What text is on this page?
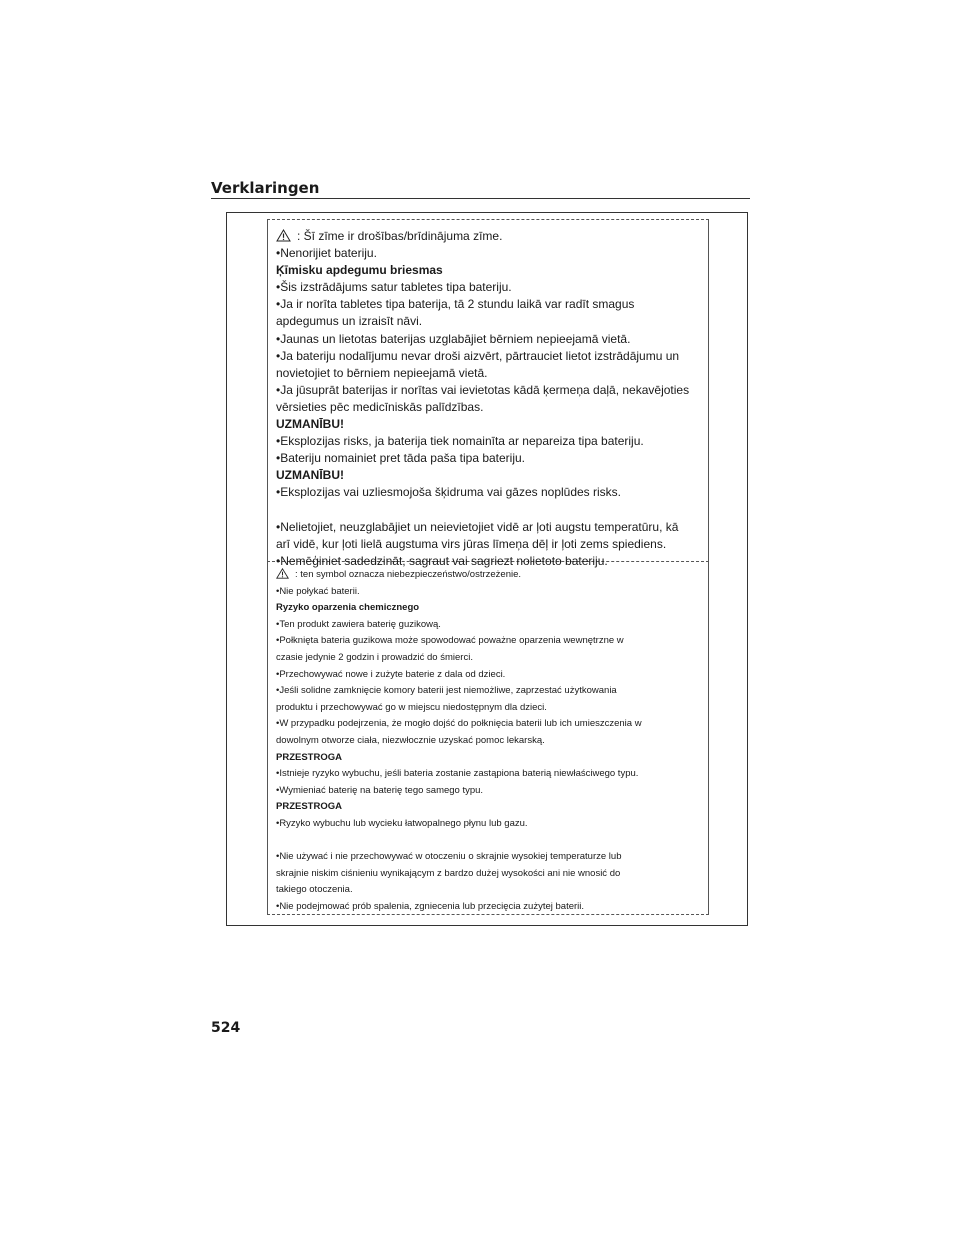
Verklaringen
: Šī zīme ir drošības/brīdinājuma zīme.
•Nenorijiet bateriju.
Ķīmisku apdegumu briesmas
•Šis izstrādājums satur tabletes tipa bateriju.
•Ja ir norīta tabletes tipa baterija, tā 2 stundu laikā var radīt smagus
apdegumus un izraisīt nāvi.
•Jaunas un lietotas baterijas uzglabājiet bērniem nepieejamā vietā.
•Ja bateriju nodalījumu nevar droši aizvērt, pārtrauciet lietot izstrādājumu un
novietojiet to bērniem nepieejamā vietā.
•Ja jūsuprāt baterijas ir norītas vai ievietotas kādā ķermeņa daļā, nekavējoties
vērsieties pēc medicīniskās palīdzības.
UZMANĪBU!
•Eksplozijas risks, ja baterija tiek nomainīta ar nepareiza tipa bateriju.
•Bateriju nomainiet pret tāda paša tipa bateriju.
UZMANĪBU!
•Eksplozijas vai uzliesmojoša šķidruma vai gāzes noplūdes risks.
•Nelietojiet, neuzglabājiet un neievietojiet vidē ar ļoti augstu temperatūru, kā
arī vidē, kur ļoti lielā augstuma virs jūras līmeņa dēļ ir ļoti zems spiediens.
•Nemēģiniet sadedzināt, sagraut vai sagriezt nolietoto bateriju.
: ten symbol oznacza niebezpieczeństwo/ostrzeżenie.
•Nie połykać baterii.
Ryzyko oparzenia chemicznego
•Ten produkt zawiera baterię guzikową.
•Połknięta bateria guzikowa może spowodować poważne oparzenia wewnętrzne w
czasie jedynie 2 godzin i prowadzić do śmierci.
•Przechowywać nowe i zużyte baterie z dala od dzieci.
•Jeśli solidne zamknięcie komory baterii jest niemożliwe, zaprzestać użytkowania
produktu i przechowywać go w miejscu niedostępnym dla dzieci.
•W przypadku podejrzenia, że mogło dojść do połknięcia baterii lub ich umieszczenia w
dowolnym otworze ciała, niezwłocznie uzyskać pomoc lekarską.
PRZESTROGA
•Istnieje ryzyko wybuchu, jeśli bateria zostanie zastąpiona baterią niewłaściwego typu.
•Wymieniać baterię na baterię tego samego typu.
PRZESTROGA
•Ryzyko wybuchu lub wycieku łatwopalnego płynu lub gazu.
•Nie używać i nie przechowywać w otoczeniu o skrajnie wysokiej temperaturze lub
skrajnie niskim ciśnieniu wynikającym z bardzo dużej wysokości ani nie wnosić do
takiego otoczenia.
•Nie podejmować prób spalenia, zgniecenia lub przecięcia zużytej baterii.

524
